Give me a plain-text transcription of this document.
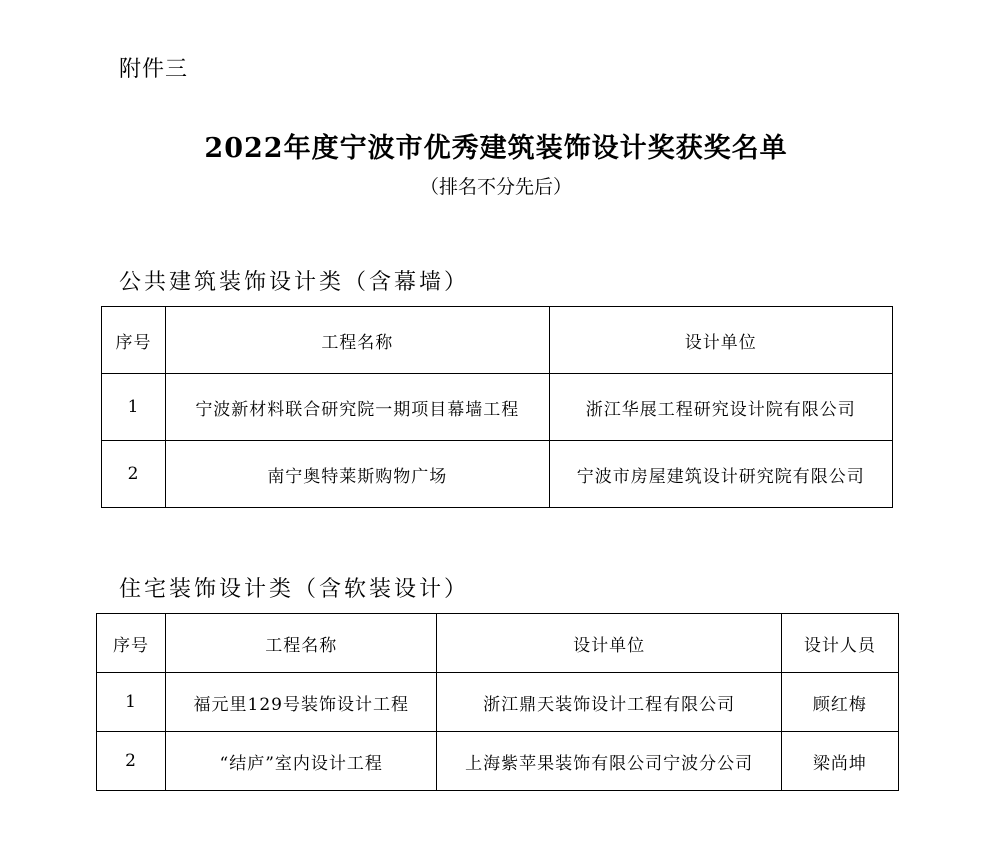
附件三
2022年度宁波市优秀建筑装饰设计奖获奖名单
（排名不分先后）
公共建筑装饰设计类（含幕墙）
序号	工程名称	设计单位
1	宁波新材料联合研究院一期项目幕墙工程	浙江华展工程研究设计院有限公司
2	南宁奥特莱斯购物广场	宁波市房屋建筑设计研究院有限公司
住宅装饰设计类（含软装设计）
序号	工程名称	设计单位	设计人员
1	福元里129号装饰设计工程	浙江鼎天装饰设计工程有限公司	顾红梅
2	“结庐”室内设计工程	上海紫苹果装饰有限公司宁波分公司	梁尚坤
